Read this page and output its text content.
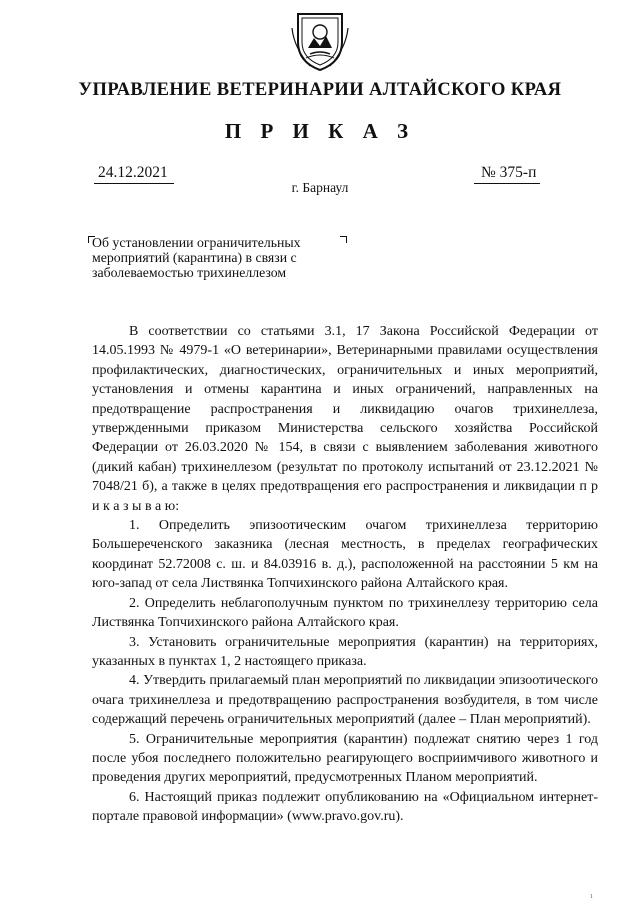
УПРАВЛЕНИЕ ВЕТЕРИНАРИИ АЛТАЙСКОГО КРАЯ
П Р И К А З
24.12.2021	№ 375-п
г. Барнаул

Об установлении ограничительных

мероприятий (карантина) в связи с

заболеваемостью трихинеллезом

В соответствии со статьями 3.1, 17 Закона Российской Федерации от 14.05.1993 № 4979-1 «О ветеринарии», Ветеринарными правилами осуществления профилактических, диагностических, ограничительных и иных мероприятий, установления и отмены карантина и иных ограничений, направленных на предотвращение распространения и ликвидацию очагов трихинеллеза, утвержденными приказом Министерства сельского хозяйства Российской Федерации от 26.03.2020 № 154, в связи с выявлением заболевания животного (дикий кабан) трихинеллезом (результат по протоколу испытаний от 23.12.2021 № 7048/21 б), а также в целях предотвращения его распространения и ликвидации п р и к а з ы в а ю:

1. Определить эпизоотическим очагом трихинеллеза территорию Большереченского заказника (лесная местность, в пределах географических координат 52.72008 с. ш. и 84.03916 в. д.), расположенной на расстоянии 5 км на юго-запад от села Листвянка Топчихинского района Алтайского края.

2. Определить неблагополучным пунктом по трихинеллезу территорию села Листвянка Топчихинского района Алтайского края.

3. Установить ограничительные мероприятия (карантин) на территориях, указанных в пунктах 1, 2 настоящего приказа.

4. Утвердить прилагаемый план мероприятий по ликвидации эпизоотического очага трихинеллеза и предотвращению распространения возбудителя, в том числе содержащий перечень ограничительных мероприятий (далее – План мероприятий).

5. Ограничительные мероприятия (карантин) подлежат снятию через 1 год после убоя последнего положительно реагирующего восприимчивого животного и проведения других мероприятий, предусмотренных Планом мероприятий.

6. Настоящий приказ подлежит опубликованию на «Официальном интернет-портале правовой информации» (www.pravo.gov.ru).

1
